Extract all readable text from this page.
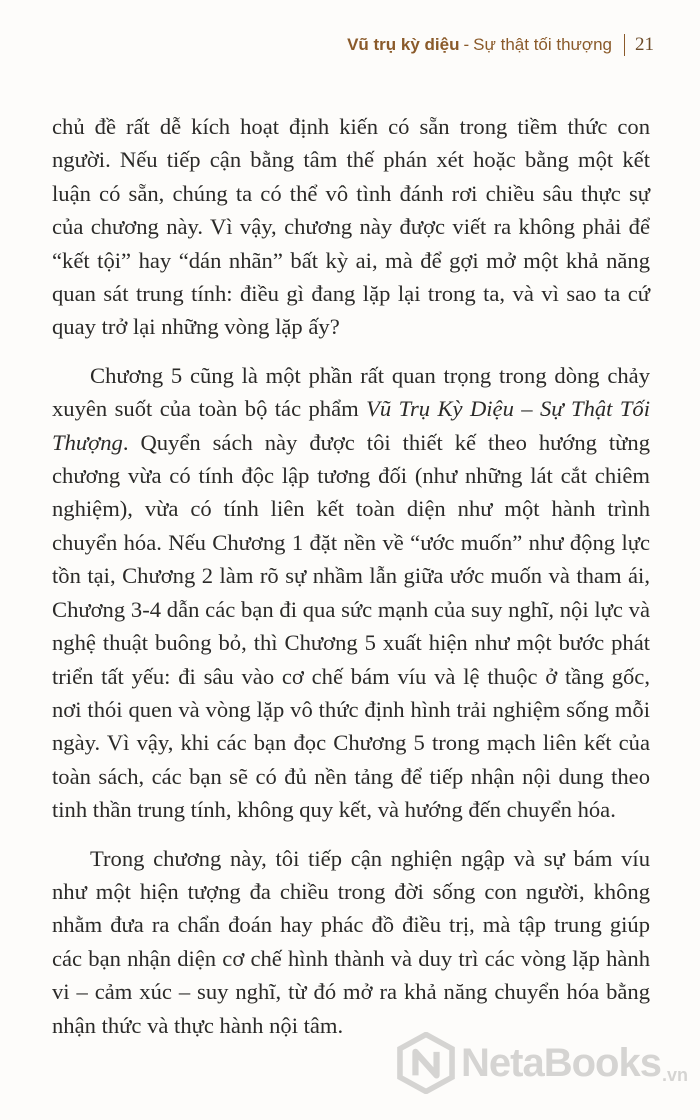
Vũ trụ kỳ diệu - Sự thật tối thượng 21

chủ đề rất dễ kích hoạt định kiến có sẵn trong tiềm thức con người. Nếu tiếp cận bằng tâm thế phán xét hoặc bằng một kết luận có sẵn, chúng ta có thể vô tình đánh rơi chiều sâu thực sự của chương này. Vì vậy, chương này được viết ra không phải để “kết tội” hay “dán nhãn” bất kỳ ai, mà để gợi mở một khả năng quan sát trung tính: điều gì đang lặp lại trong ta, và vì sao ta cứ quay trở lại những vòng lặp ấy?

Chương 5 cũng là một phần rất quan trọng trong dòng chảy xuyên suốt của toàn bộ tác phẩm Vũ Trụ Kỳ Diệu – Sự Thật Tối Thượng. Quyển sách này được tôi thiết kế theo hướng từng chương vừa có tính độc lập tương đối (như những lát cắt chiêm nghiệm), vừa có tính liên kết toàn diện như một hành trình chuyển hóa. Nếu Chương 1 đặt nền về “ước muốn” như động lực tồn tại, Chương 2 làm rõ sự nhầm lẫn giữa ước muốn và tham ái, Chương 3-4 dẫn các bạn đi qua sức mạnh của suy nghĩ, nội lực và nghệ thuật buông bỏ, thì Chương 5 xuất hiện như một bước phát triển tất yếu: đi sâu vào cơ chế bám víu và lệ thuộc ở tầng gốc, nơi thói quen và vòng lặp vô thức định hình trải nghiệm sống mỗi ngày. Vì vậy, khi các bạn đọc Chương 5 trong mạch liên kết của toàn sách, các bạn sẽ có đủ nền tảng để tiếp nhận nội dung theo tinh thần trung tính, không quy kết, và hướng đến chuyển hóa.

Trong chương này, tôi tiếp cận nghiện ngập và sự bám víu như một hiện tượng đa chiều trong đời sống con người, không nhằm đưa ra chẩn đoán hay phác đồ điều trị, mà tập trung giúp các bạn nhận diện cơ chế hình thành và duy trì các vòng lặp hành vi – cảm xúc – suy nghĩ, từ đó mở ra khả năng chuyển hóa bằng nhận thức và thực hành nội tâm.

NetaBooks .vn
